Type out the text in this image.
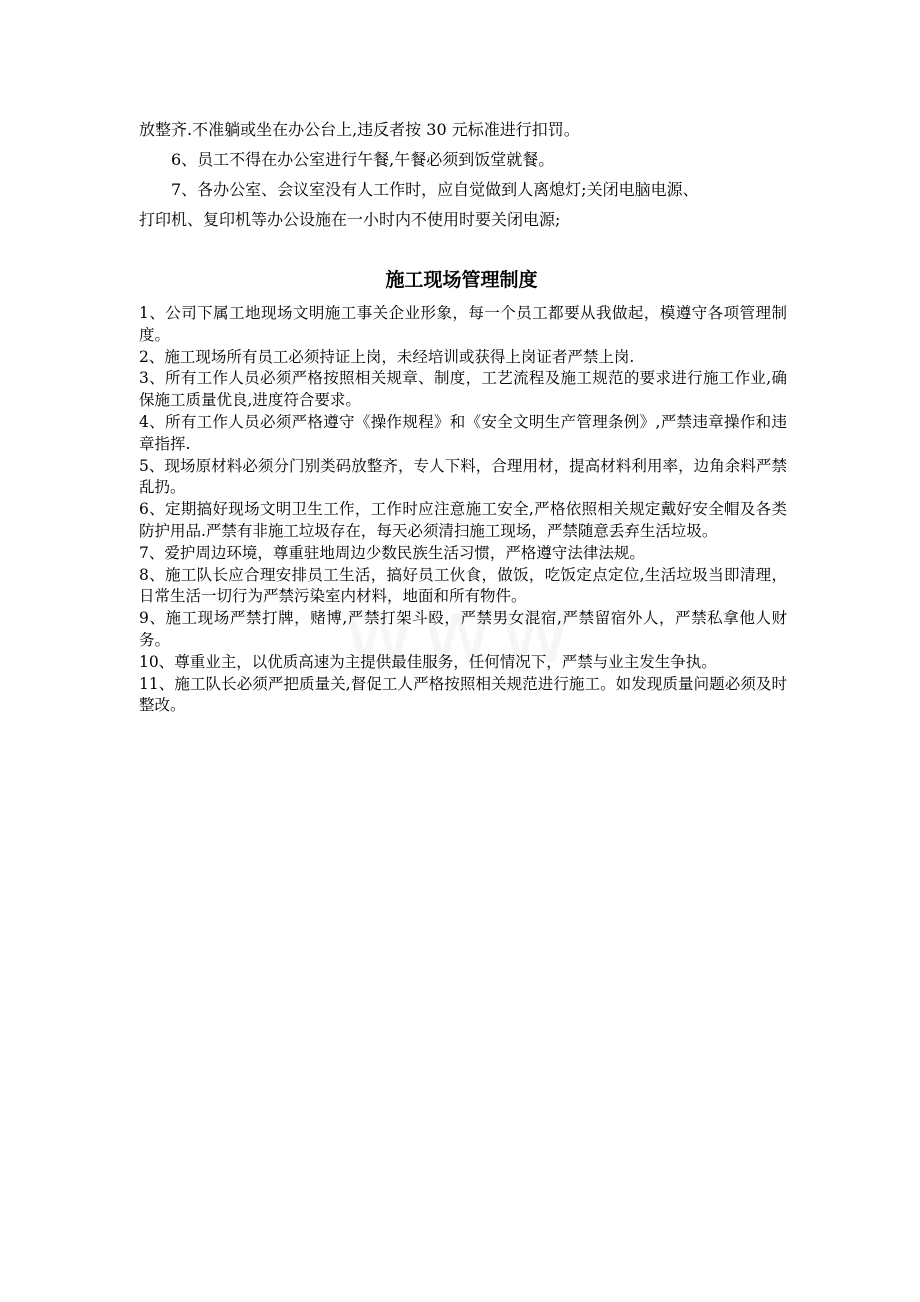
放整齐.不准躺或坐在办公台上,违反者按 30 元标准进行扣罚。

6、员工不得在办公室进行午餐,午餐必须到饭堂就餐。

7、各办公室、会议室没有人工作时，应自觉做到人离熄灯;关闭电脑电源、

打印机、复印机等办公设施在一小时内不使用时要关闭电源;

施工现场管理制度
1、公司下属工地现场文明施工事关企业形象，每一个员工都要从我做起，模遵守各项管理制度。
2、施工现场所有员工必须持证上岗，未经培训或获得上岗证者严禁上岗.
3、所有工作人员必须严格按照相关规章、制度，工艺流程及施工规范的要求进行施工作业,确保施工质量优良,进度符合要求。
4、所有工作人员必须严格遵守《操作规程》和《安全文明生产管理条例》,严禁违章操作和违章指挥.
5、现场原材料必须分门别类码放整齐，专人下料，合理用材，提高材料利用率，边角余料严禁乱扔。
6、定期搞好现场文明卫生工作，工作时应注意施工安全,严格依照相关规定戴好安全帽及各类防护用品.严禁有非施工垃圾存在，每天必须清扫施工现场，严禁随意丢弃生活垃圾。
7、爱护周边环境，尊重驻地周边少数民族生活习惯，严格遵守法律法规。
8、施工队长应合理安排员工生活，搞好员工伙食，做饭，吃饭定点定位,生活垃圾当即清理，日常生活一切行为严禁污染室内材料，地面和所有物件。
9、施工现场严禁打牌，赌博,严禁打架斗殴，严禁男女混宿,严禁留宿外人，严禁私拿他人财务。
10、尊重业主，以优质高速为主提供最佳服务，任何情况下，严禁与业主发生争执。
11、施工队长必须严把质量关,督促工人严格按照相关规范进行施工。如发现质量问题必须及时整改。
